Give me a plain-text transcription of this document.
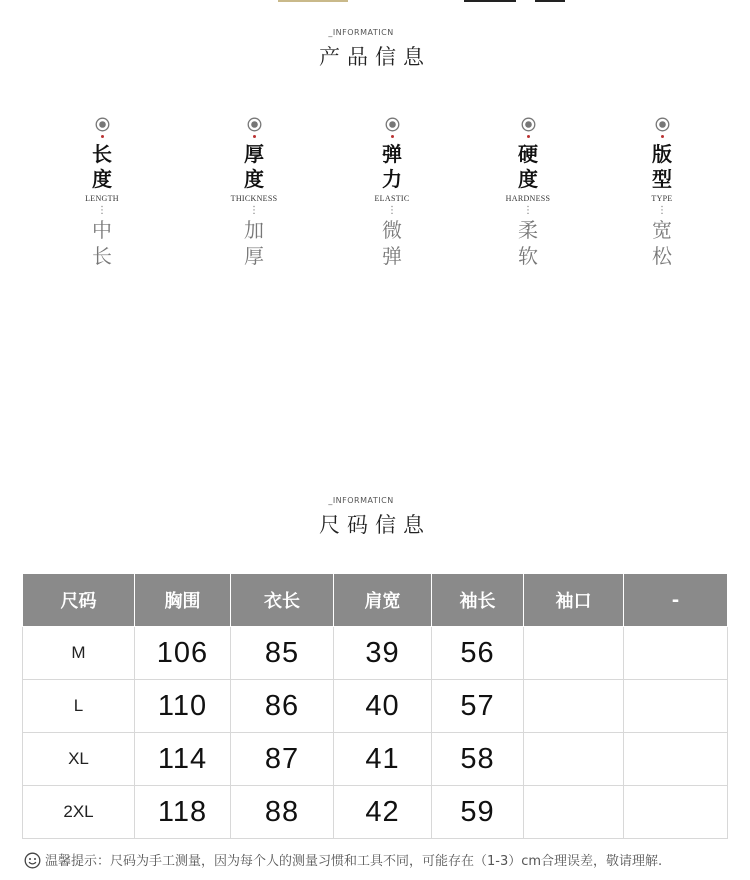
_INFORMATICN
产品信息
长度
LENGTH
⋮
中长
厚度
THICKNESS
⋮
加厚
弹力
ELASTIC
⋮
微弹
硬度
HARDNESS
⋮
柔软
版型
TYPE
⋮
宽松
_INFORMATICN
尺码信息
尺码	胸围	衣长	肩宽	袖长	袖口	-
M	106	85	39	56		
L	110	86	40	57		
XL	114	87	41	58		
2XL	118	88	42	59		
温馨提示：尺码为手工测量，因为每个人的测量习惯和工具不同，可能存在（1-3）cm合理误差，敬请理解.
